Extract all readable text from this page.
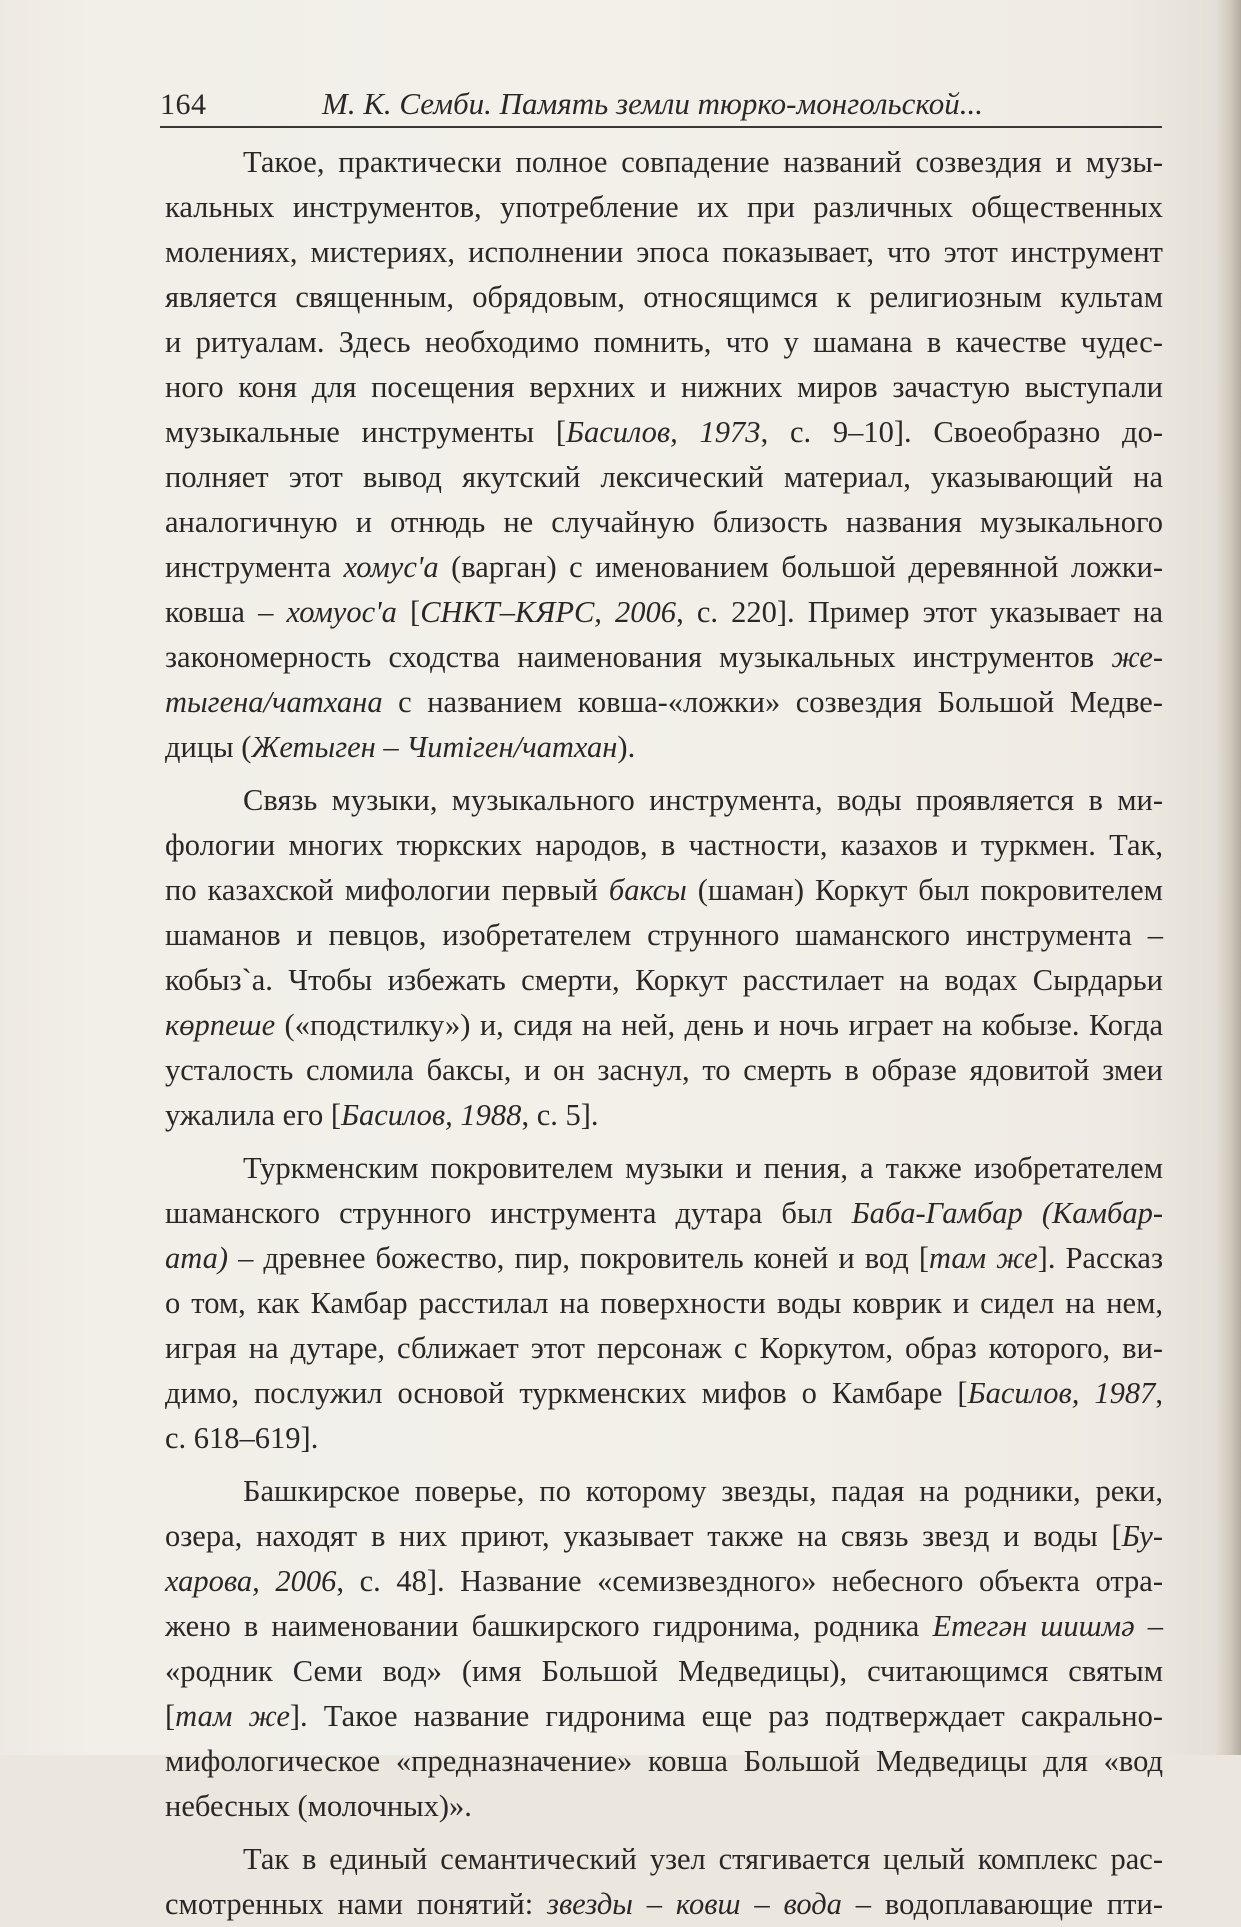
164	М. К. Семби. Память земли тюрко-монгольской...
Такое, практически полное совпадение названий созвездия и музы-
кальных инструментов, употребление их при различных общественных
молениях, мистериях, исполнении эпоса показывает, что этот инструмент
является священным, обрядовым, относящимся к религиозным культам
и ритуалам. Здесь необходимо помнить, что у шамана в качестве чудес-
ного коня для посещения верхних и нижних миров зачастую выступали
музыкальные инструменты [Басилов, 1973, с. 9–10]. Своеобразно до-
полняет этот вывод якутский лексический материал, указывающий на
аналогичную и отнюдь не случайную близость названия музыкального
инструмента хомус'а (варган) с именованием большой деревянной ложки-
ковша – хомуос'а [СНКТ–КЯРС, 2006, с. 220]. Пример этот указывает на
закономерность сходства наименования музыкальных инструментов же-
тыгена/чатхана с названием ковша-«ложки» созвездия Большой Медве-
дицы (Жетыген – Чиmiген/чатхан).
Связь музыки, музыкального инструмента, воды проявляется в ми-
фологии многих тюркских народов, в частности, казахов и туркмен. Так,
по казахской мифологии первый баксы (шаман) Коркут был покровителем
шаманов и певцов, изобретателем струнного шаманского инструмента –
кобыз`а. Чтобы избежать смерти, Коркут расстилает на водах Сырдарьи
көрпеше («подстилку») и, сидя на ней, день и ночь играет на кобызе. Когда
усталость сломила баксы, и он заснул, то смерть в образе ядовитой змеи
ужалила его [Басилов, 1988, с. 5].
Туркменским покровителем музыки и пения, а также изобретателем
шаманского струнного инструмента дутара был Баба-Гамбар (Камбар-
ата) – древнее божество, пир, покровитель коней и вод [там же]. Рассказ
о том, как Камбар расстилал на поверхности воды коврик и сидел на нем,
играя на дутаре, сближает этот персонаж с Коркутом, образ которого, ви-
димо, послужил основой туркменских мифов о Камбаре [Басилов, 1987,
с. 618–619].
Башкирское поверье, по которому звезды, падая на родники, реки,
озера, находят в них приют, указывает также на связь звезд и воды [Бу-
харова, 2006, с. 48]. Название «семизвездного» небесного объекта отра-
жено в наименовании башкирского гидронима, родника Етегән шишмә –
«родник Семи вод» (имя Большой Медведицы), считающимся святым
[там же]. Такое название гидронима еще раз подтверждает сакрально-
мифологическое «предназначение» ковша Большой Медведицы для «вод
небесных (молочных)».
Так в единый семантический узел стягивается целый комплекс рас-
смотренных нами понятий: звезды – ковш – вода – водоплавающие пти-
